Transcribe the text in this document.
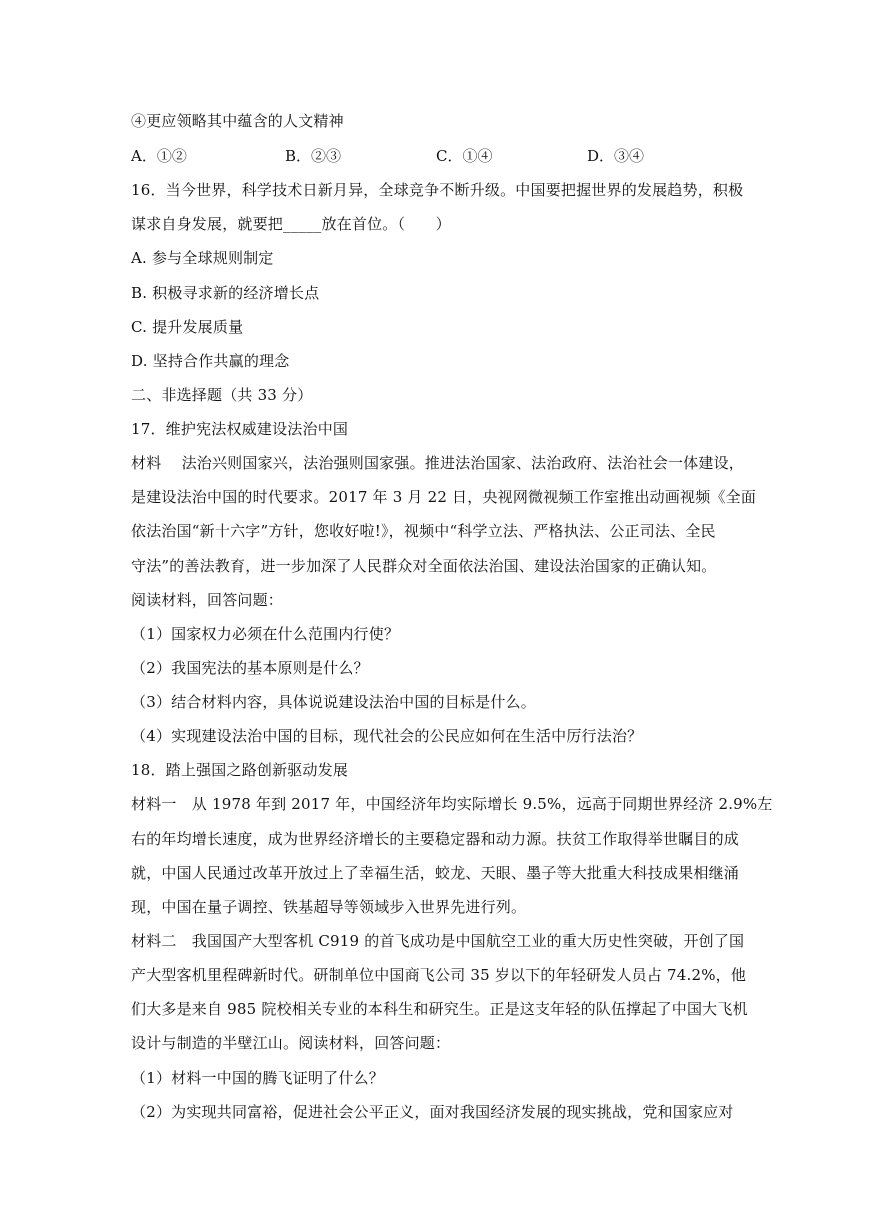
④更应领略其中蕴含的人文精神
A．①②	B．②③	C．①④	D．③④
16．当今世界，科学技术日新月异，全球竞争不断升级。中国要把握世界的发展趋势，积极
谋求自身发展，就要把_____放在首位。（　　）
A. 参与全球规则制定
B. 积极寻求新的经济增长点
C. 提升发展质量
D. 坚持合作共赢的理念
二、非选择题（共 33 分）
17．维护宪法权威建设法治中国
材料　 法治兴则国家兴，法治强则国家强。推进法治国家、法治政府、法治社会一体建设，
是建设法治中国的时代要求。2017 年 3 月 22 日，央视网微视频工作室推出动画视频《全面
依法治国“新十六字”方针，您收好啦!》，视频中“科学立法、严格执法、公正司法、全民
守法”的善法教育，进一步加深了人民群众对全面依法治国、建设法治国家的正确认知。
阅读材料，回答问题：
（1）国家权力必须在什么范围内行使？
（2）我国宪法的基本原则是什么？
（3）结合材料内容，具体说说建设法治中国的目标是什么。
（4）实现建设法治中国的目标，现代社会的公民应如何在生活中厉行法治？
18．踏上强国之路创新驱动发展
材料一　从 1978 年到 2017 年，中国经济年均实际增长 9.5%，远高于同期世界经济 2.9%左
右的年均增长速度，成为世界经济增长的主要稳定器和动力源。扶贫工作取得举世瞩目的成
就，中国人民通过改革开放过上了幸福生活，蛟龙、天眼、墨子等大批重大科技成果相继涌
现，中国在量子调控、铁基超导等领域步入世界先进行列。
材料二　我国国产大型客机 C919 的首飞成功是中国航空工业的重大历史性突破，开创了国
产大型客机里程碑新时代。研制单位中国商飞公司 35 岁以下的年轻研发人员占 74.2%，他
们大多是来自 985 院校相关专业的本科生和研究生。正是这支年轻的队伍撑起了中国大飞机
设计与制造的半壁江山。阅读材料，回答问题：
（1）材料一中国的腾飞证明了什么？
（2）为实现共同富裕，促进社会公平正义，面对我国经济发展的现实挑战，党和国家应对
